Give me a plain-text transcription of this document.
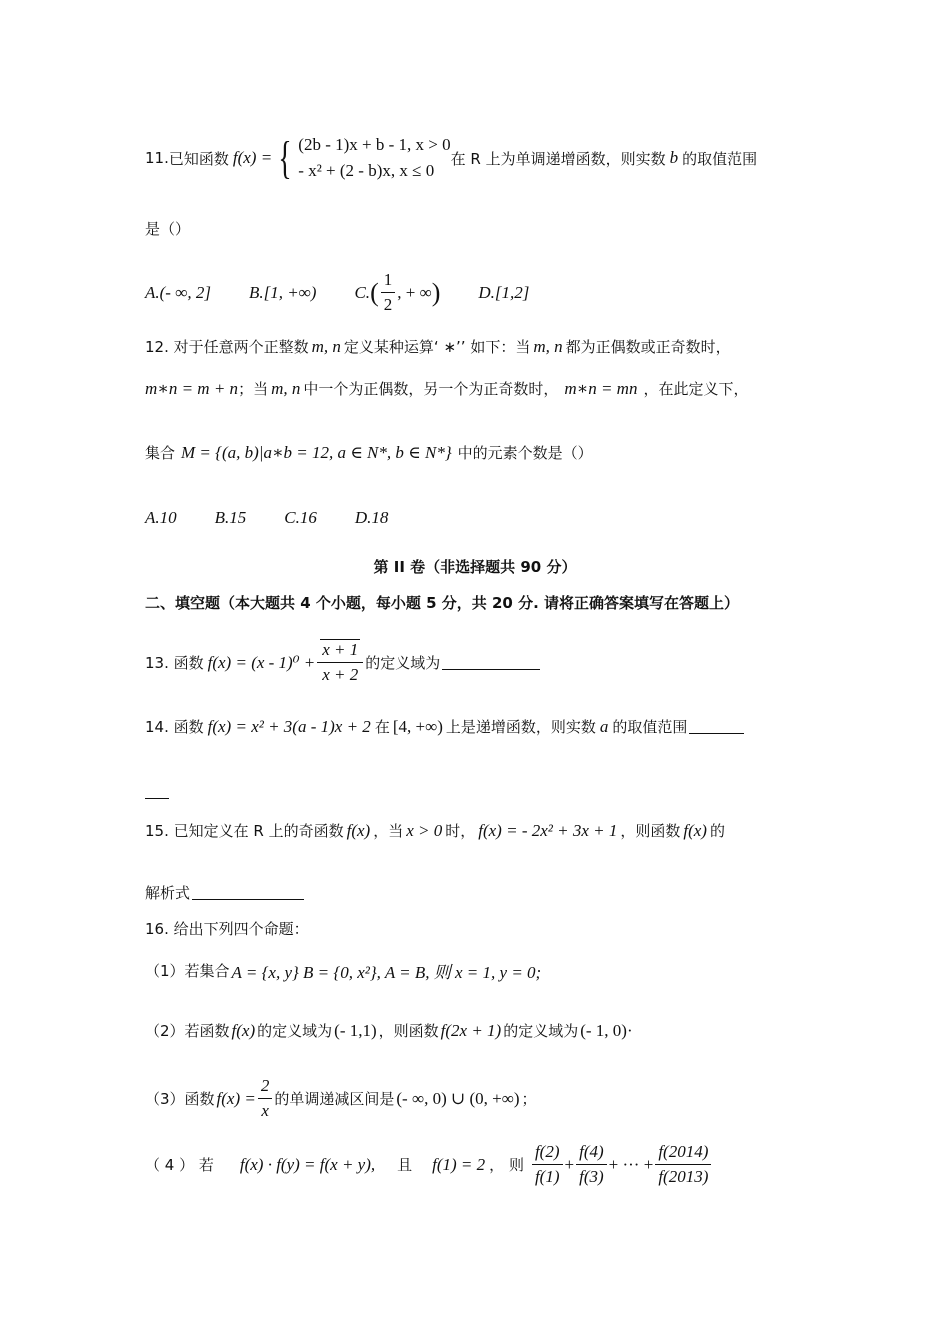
11. 已知函数 f(x) = { (2b - 1)x + b - 1, x > 0
- x² + (2 - b)x, x ≤ 0
在 R 上为单调递增函数，则实数 b 的取值范围
是（）
A.(- ∞, 2] B.[1, +∞) C. ( $\frac{1}{2}$ , + ∞ ) D.[1,2]
12. 对于任意两个正整数 m, n 定义某种运算‘ ∗’’ 如下：当 m, n 都为正偶数或正奇数时，
m∗n = m + n ；当 m, n 中一个为正偶数，另一个为正奇数时， m∗n = mn ，在此定义下，
集合 M = {(a, b)|a∗b = 12, a ∈ N*, b ∈ N*} 中的元素个数是（）
A.10 B.15 C.16 D.18
第 II 卷（非选择题共 90 分）
二、填空题（本大题共 4 个小题，每小题 5 分，共 20 分. 请将正确答案填写在答题上）
13. 函数 $f(x) = (x - 1)^0 + \frac{x + 1}{x + 2}$ 的定义域为
14. 函数 f(x) = x² + 3(a - 1)x + 2 在 [4, +∞) 上是递增函数，则实数 a 的取值范围
15. 已知定义在 R 上的奇函数 f(x) ，当 x > 0 时， f(x) = - 2x² + 3x + 1 ，则函数 f(x) 的
解析式
16. 给出下列四个命题：
（1）若集合 A = {x, y} B = {0, x²}, A = B, 则 x = 1, y = 0;
（2）若函数 f(x) 的定义域为 (- 1,1) ，则函数 f(2x + 1) 的定义域为 (- 1, 0)·
（3）函数 $f(x) = \frac{2}{x}$ 的单调递减区间是 (- ∞, 0) ∪ (0, +∞) ；
（ 4 ） 若 f(x) · f(y) = f(x + y), 且 f(1) = 2 ， 则 $\frac{f(2)}{f(1)} + \frac{f(4)}{f(3)}$ + ··· + $\frac{f(2014)}{f(2013)}$
